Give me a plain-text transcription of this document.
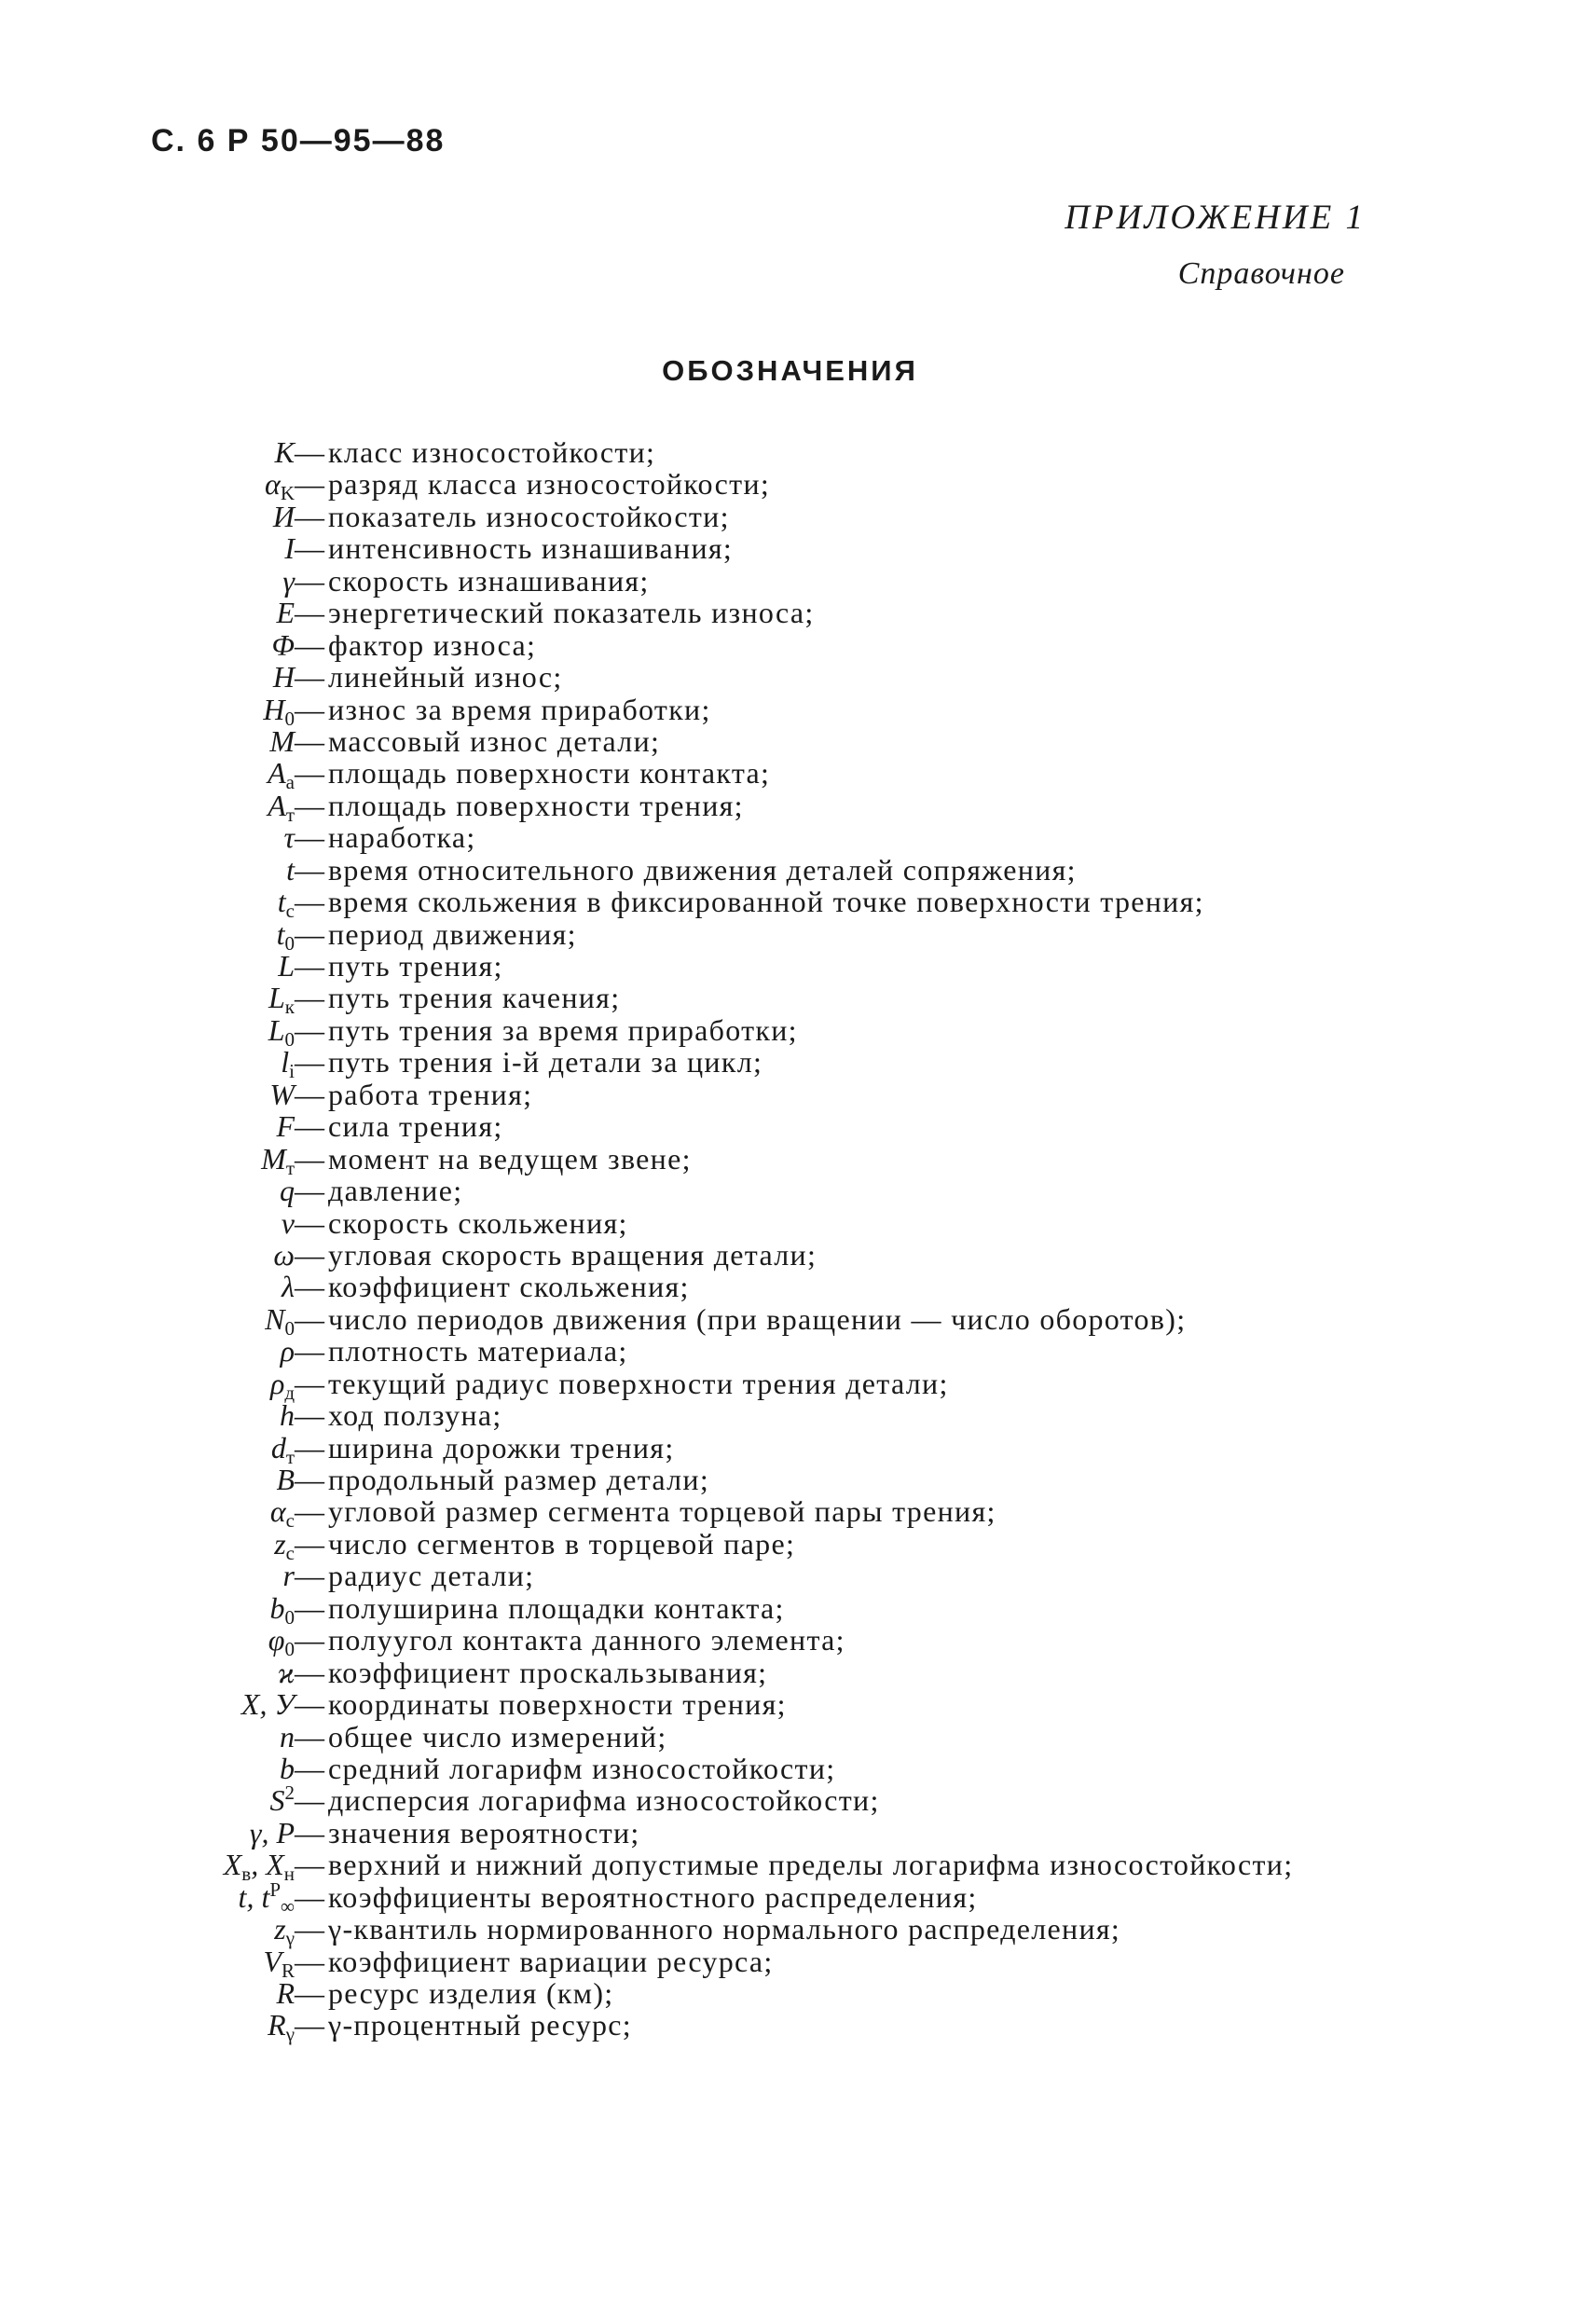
С. 6 Р 50—95—88
ПРИЛОЖЕНИЕ 1
Справочное
ОБОЗНАЧЕНИЯ
K	— класс износостойкости;
$\alpha_K$	— разряд класса износостойкости;
И	— показатель износостойкости;
I	— интенсивность изнашивания;
γ	— скорость изнашивания;
E	— энергетический показатель износа;
Φ	— фактор износа;
H	— линейный износ;
$H_0$	— износ за время приработки;
M	— массовый износ детали;
$A_а$	— площадь поверхности контакта;
$A_т$	— площадь поверхности трения;
τ	— наработка;
t	— время относительного движения деталей сопряжения;
$t_с$	— время скольжения в фиксированной точке поверхности трения;
$t_0$	— период движения;
L	— путь трения;
$L_к$	— путь трения качения;
$L_0$	— путь трения за время приработки;
$l_i$	— путь трения i-й детали за цикл;
W	— работа трения;
F	— сила трения;
$M_т$	— момент на ведущем звене;
q	— давление;
v	— скорость скольжения;
ω	— угловая скорость вращения детали;
λ	— коэффициент скольжения;
$N_0$	— число периодов движения (при вращении — число оборотов);
ρ	— плотность материала;
$\rho_д$	— текущий радиус поверхности трения детали;
h	— ход ползуна;
$d_т$	— ширина дорожки трения;
B	— продольный размер детали;
$\alpha_с$	— угловой размер сегмента торцевой пары трения;
$z_с$	— число сегментов в торцевой паре;
r	— радиус детали;
$b_0$	— полуширина площадки контакта;
$\varphi_0$	— полуугол контакта данного элемента;
ϰ	— коэффициент проскальзывания;
X, У	— координаты поверхности трения;
n	— общее число измерений;
b	— средний логарифм износостойкости;
$S^2$	— дисперсия логарифма износостойкости;
γ, P	— значения вероятности;
$X_в$, $X_н$	— верхний и нижний допустимые пределы логарифма износостойкости;
t, $t^P_\infty$	— коэффициенты вероятностного распределения;
$z_\gamma$	— γ-квантиль нормированного нормального распределения;
$V_R$	— коэффициент вариации ресурса;
R	— ресурс изделия (км);
$R_\gamma$	— γ-процентный ресурс;
